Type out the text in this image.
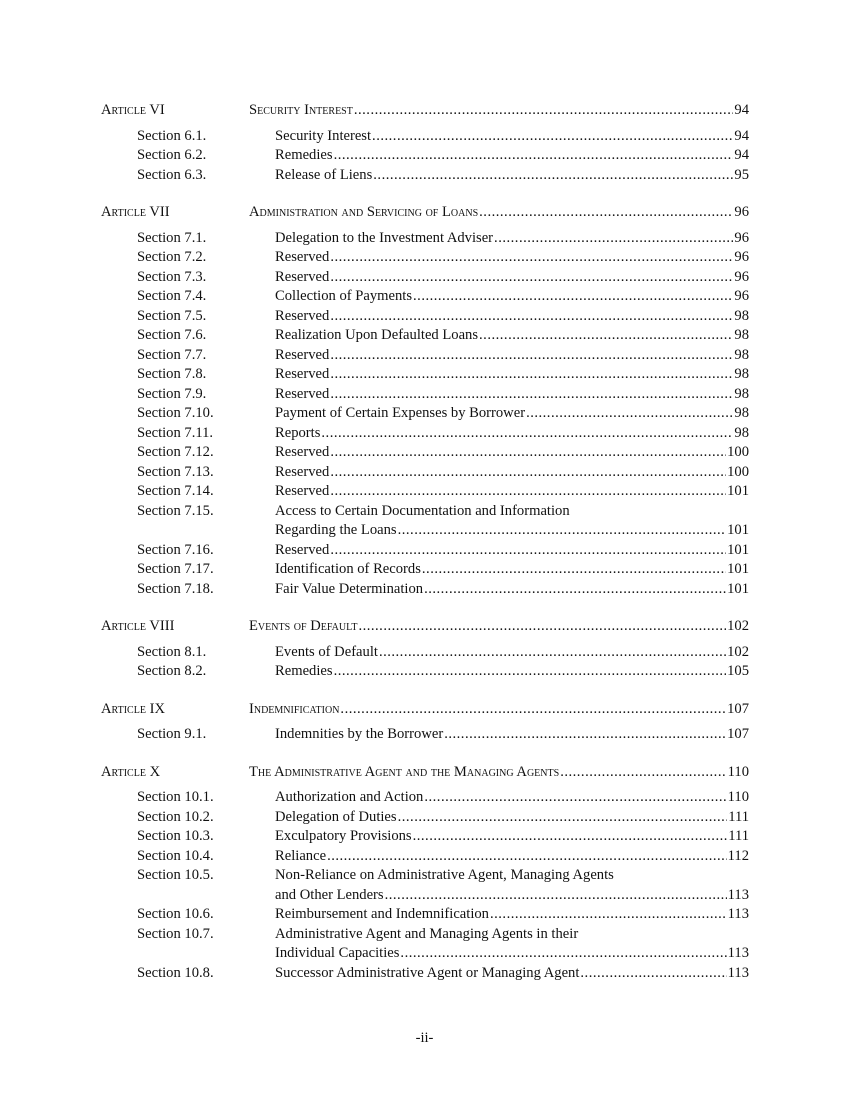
Article VI	Security Interest .....	94
Section 6.1.	Security Interest .....	94
Section 6.2.	Remedies .....	94
Section 6.3.	Release of Liens .....	95
Article VII	Administration and Servicing of Loans .....	96
Section 7.1.	Delegation to the Investment Adviser .....	96
Section 7.2.	Reserved .....	96
Section 7.3.	Reserved .....	96
Section 7.4.	Collection of Payments .....	96
Section 7.5.	Reserved .....	98
Section 7.6.	Realization Upon Defaulted Loans .....	98
Section 7.7.	Reserved .....	98
Section 7.8.	Reserved .....	98
Section 7.9.	Reserved .....	98
Section 7.10.	Payment of Certain Expenses by Borrower .....	98
Section 7.11.	Reports .....	98
Section 7.12.	Reserved .....	100
Section 7.13.	Reserved .....	100
Section 7.14.	Reserved .....	101
Section 7.15.	Access to Certain Documentation and Information
Regarding the Loans .....	101
Section 7.16.	Reserved .....	101
Section 7.17.	Identification of Records .....	101
Section 7.18.	Fair Value Determination .....	101
Article VIII	Events of Default .....	102
Section 8.1.	Events of Default .....	102
Section 8.2.	Remedies .....	105
Article IX	Indemnification .....	107
Section 9.1.	Indemnities by the Borrower .....	107
Article X	The Administrative Agent and the Managing Agents .....	110
Section 10.1.	Authorization and Action .....	110
Section 10.2.	Delegation of Duties .....	111
Section 10.3.	Exculpatory Provisions .....	111
Section 10.4.	Reliance .....	112
Section 10.5.	Non-Reliance on Administrative Agent, Managing Agents
and Other Lenders .....	113
Section 10.6.	Reimbursement and Indemnification .....	113
Section 10.7.	Administrative Agent and Managing Agents in their
Individual Capacities .....	113
Section 10.8.	Successor Administrative Agent or Managing Agent .....	113
-ii-
